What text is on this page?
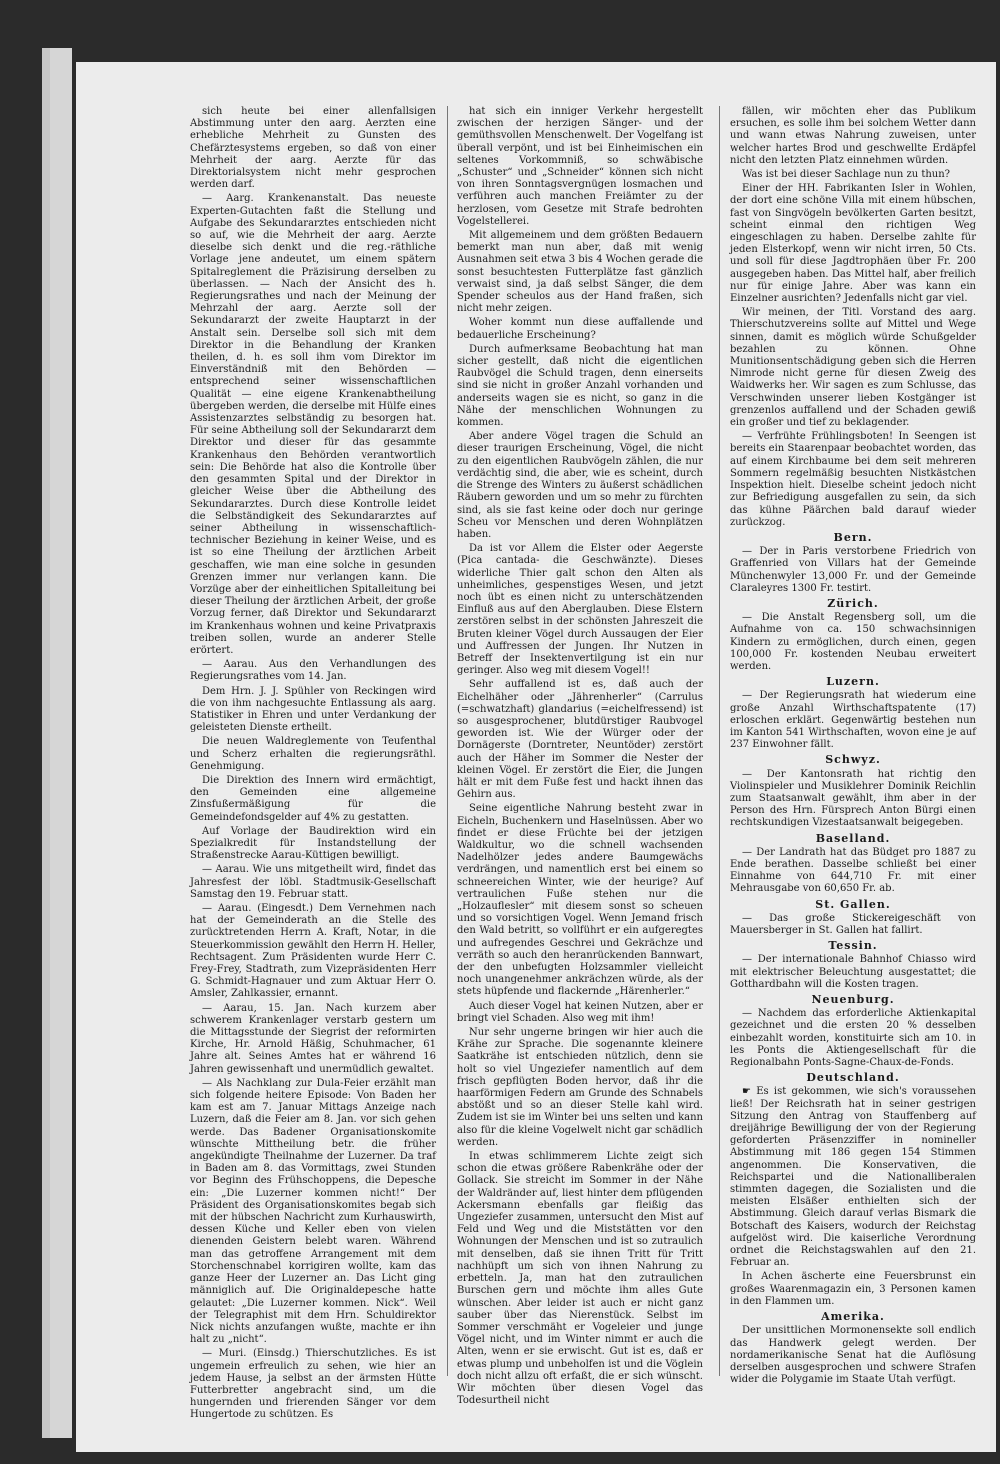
sich heute bei einer allenfallsigen Abstimmung unter den aarg. Aerzten eine erhebliche Mehrheit zu Gunsten des Chefärztesystems ergeben, so daß von einer Mehrheit der aarg. Aerzte für das Direktorialsystem nicht mehr gesprochen werden darf.

— Aarg. Krankenanstalt. Das neueste Experten-Gutachten faßt die Stellung und Aufgabe des Sekundararztes entschieden nicht so auf, wie die Mehrheit der aarg. Aerzte dieselbe sich denkt und die reg.-räthliche Vorlage jene andeutet, um einem spätern Spitalreglement die Präzisirung derselben zu überlassen. — Nach der Ansicht des h. Regierungsrathes und nach der Meinung der Mehrzahl der aarg. Aerzte soll der Sekundararzt der zweite Hauptarzt in der Anstalt sein. Derselbe soll sich mit dem Direktor in die Behandlung der Kranken theilen, d. h. es soll ihm vom Direktor im Einverständniß mit den Behörden — entsprechend seiner wissenschaftlichen Qualität — eine eigene Krankenabtheilung übergeben werden, die derselbe mit Hülfe eines Assistenzarztes selbständig zu besorgen hat. Für seine Abtheilung soll der Sekundararzt dem Direktor und dieser für das gesammte Krankenhaus den Behörden verantwortlich sein: Die Behörde hat also die Kontrolle über den gesammten Spital und der Direktor in gleicher Weise über die Abtheilung des Sekundararztes. Durch diese Kontrolle leidet die Selbständigkeit des Sekundararztes auf seiner Abtheilung in wissenschaftlich-technischer Beziehung in keiner Weise, und es ist so eine Theilung der ärztlichen Arbeit geschaffen, wie man eine solche in gesunden Grenzen immer nur verlangen kann. Die Vorzüge aber der einheitlichen Spitalleitung bei dieser Theilung der ärztlichen Arbeit, der große Vorzug ferner, daß Direktor und Sekundararzt im Krankenhaus wohnen und keine Privatpraxis treiben sollen, wurde an anderer Stelle erörtert.

— Aarau. Aus den Verhandlungen des Regierungsrathes vom 14. Jan.

Dem Hrn. J. J. Spühler von Reckingen wird die von ihm nachgesuchte Entlassung als aarg. Statistiker in Ehren und unter Verdankung der geleisteten Dienste ertheilt.

Die neuen Waldreglemente von Teufenthal und Scherz erhalten die regierungsräthl. Genehmigung.

Die Direktion des Innern wird ermächtigt, den Gemeinden eine allgemeine Zinsfußermäßigung für die Gemeindefondsgelder auf 4% zu gestatten.

Auf Vorlage der Baudirektion wird ein Spezialkredit für Instandstellung der Straßenstrecke Aarau-Küttigen bewilligt.

— Aarau. Wie uns mitgetheilt wird, findet das Jahresfest der löbl. Stadtmusik-Gesellschaft Samstag den 19. Februar statt.

— Aarau. (Eingesdt.) Dem Vernehmen nach hat der Gemeinderath an die Stelle des zurücktretenden Herrn A. Kraft, Notar, in die Steuerkommission gewählt den Herrn H. Heller, Rechtsagent. Zum Präsidenten wurde Herr C. Frey-Frey, Stadtrath, zum Vizepräsidenten Herr G. Schmidt-Hagnauer und zum Aktuar Herr O. Amsler, Zahlkassier, ernannt.

— Aarau, 15. Jan. Nach kurzem aber schwerem Krankenlager verstarb gestern um die Mittagsstunde der Siegrist der reformirten Kirche, Hr. Arnold Häßig, Schuhmacher, 61 Jahre alt. Seines Amtes hat er während 16 Jahren gewissenhaft und unermüdlich gewaltet.

— Als Nachklang zur Dula-Feier erzählt man sich folgende heitere Episode: Von Baden her kam est am 7. Januar Mittags Anzeige nach Luzern, daß die Feier am 8. Jan. vor sich gehen werde. Das Badener Organisationskomite wünschte Mittheilung betr. die früher angekündigte Theilnahme der Luzerner. Da traf in Baden am 8. das Vormittags, zwei Stunden vor Beginn des Frühschoppens, die Depesche ein: „Die Luzerner kommen nicht!“ Der Präsident des Organisationskomites begab sich mit der hübschen Nachricht zum Kurhauswirth, dessen Küche und Keller eben von vielen dienenden Geistern belebt waren. Während man das getroffene Arrangement mit dem Storchenschnabel korrigiren wollte, kam das ganze Heer der Luzerner an. Das Licht ging männiglich auf. Die Originaldepesche hatte gelautet: „Die Luzerner kommen. Nick“. Weil der Telegraphist mit dem Hrn. Schuldirektor Nick nichts anzufangen wußte, machte er ihn halt zu „nicht“.

— Muri. (Einsdg.) Thierschutzliches. Es ist ungemein erfreulich zu sehen, wie hier an jedem Hause, ja selbst an der ärmsten Hütte Futterbretter angebracht sind, um die hungernden und frierenden Sänger vor dem Hungertode zu schützen. Es

hat sich ein inniger Verkehr hergestellt zwischen der herzigen Sänger- und der gemüthsvollen Menschenwelt. Der Vogelfang ist überall verpönt, und ist bei Einheimischen ein seltenes Vorkommniß, so schwäbische „Schuster“ und „Schneider“ können sich nicht von ihren Sonntagsvergnügen losmachen und verführen auch manchen Freiämter zu der herzlosen, vom Gesetze mit Strafe bedrohten Vogelstellerei.

Mit allgemeinem und dem größten Bedauern bemerkt man nun aber, daß mit wenig Ausnahmen seit etwa 3 bis 4 Wochen gerade die sonst besuchtesten Futterplätze fast gänzlich verwaist sind, ja daß selbst Sänger, die dem Spender scheulos aus der Hand fraßen, sich nicht mehr zeigen.

Woher kommt nun diese auffallende und bedauerliche Erscheinung?

Durch aufmerksame Beobachtung hat man sicher gestellt, daß nicht die eigentlichen Raubvögel die Schuld tragen, denn einerseits sind sie nicht in großer Anzahl vorhanden und anderseits wagen sie es nicht, so ganz in die Nähe der menschlichen Wohnungen zu kommen.

Aber andere Vögel tragen die Schuld an dieser traurigen Erscheinung, Vögel, die nicht zu den eigentlichen Raubvögeln zählen, die nur verdächtig sind, die aber, wie es scheint, durch die Strenge des Winters zu äußerst schädlichen Räubern geworden und um so mehr zu fürchten sind, als sie fast keine oder doch nur geringe Scheu vor Menschen und deren Wohnplätzen haben.

Da ist vor Allem die Elster oder Aegerste (Pica cantada- die Geschwänzte). Dieses widerliche Thier galt schon den Alten als unheimliches, gespenstiges Wesen, und jetzt noch übt es einen nicht zu unterschätzenden Einfluß aus auf den Aberglauben. Diese Elstern zerstören selbst in der schönsten Jahreszeit die Bruten kleiner Vögel durch Aussaugen der Eier und Auffressen der Jungen. Ihr Nutzen in Betreff der Insektenvertilgung ist ein nur geringer. Also weg mit diesem Vogel!!

Sehr auffallend ist es, daß auch der Eichelhäher oder „Jährenherler“ (Carrulus (=schwatzhaft) glandarius (=eichelfressend) ist so ausgesprochener, blutdürstiger Raubvogel geworden ist. Wie der Würger oder der Dornägerste (Dorntreter, Neuntöder) zerstört auch der Häher im Sommer die Nester der kleinen Vögel. Er zerstört die Eier, die Jungen hält er mit dem Fuße fest und hackt ihnen das Gehirn aus.

Seine eigentliche Nahrung besteht zwar in Eicheln, Buchenkern und Haselnüssen. Aber wo findet er diese Früchte bei der jetzigen Waldkultur, wo die schnell wachsenden Nadelhölzer jedes andere Baumgewächs verdrängen, und namentlich erst bei einem so schneereichen Winter, wie der heurige? Auf vertraulichen Fuße stehen nur die „Holzauflesler“ mit diesem sonst so scheuen und so vorsichtigen Vogel. Wenn Jemand frisch den Wald betritt, so vollführt er ein aufgeregtes und aufregendes Geschrei und Gekrächze und verräth so auch den heranrückenden Bannwart, der den unbefugten Holzsammler vielleicht noch unangenehmer ankrächzen würde, als der stets hüpfende und flackernde „Härenherler.“

Auch dieser Vogel hat keinen Nutzen, aber er bringt viel Schaden. Also weg mit ihm!

Nur sehr ungerne bringen wir hier auch die Krähe zur Sprache. Die sogenannte kleinere Saatkrähe ist entschieden nützlich, denn sie holt so viel Ungeziefer namentlich auf dem frisch gepflügten Boden hervor, daß ihr die haarförmigen Federn am Grunde des Schnabels abstößt und so an dieser Stelle kahl wird. Zudem ist sie im Winter bei uns selten und kann also für die kleine Vogelwelt nicht gar schädlich werden.

In etwas schlimmerem Lichte zeigt sich schon die etwas größere Rabenkrähe oder der Gollack. Sie streicht im Sommer in der Nähe der Waldränder auf, liest hinter dem pflügenden Ackersmann ebenfalls gar fleißig das Ungeziefer zusammen, untersucht den Mist auf Feld und Weg und die Miststätten vor den Wohnungen der Menschen und ist so zutraulich mit denselben, daß sie ihnen Tritt für Tritt nachhüpft um sich von ihnen Nahrung zu erbetteln. Ja, man hat den zutraulichen Burschen gern und möchte ihm alles Gute wünschen. Aber leider ist auch er nicht ganz sauber über das Nierenstück. Selbst im Sommer verschmäht er Vogeleier und junge Vögel nicht, und im Winter nimmt er auch die Alten, wenn er sie erwischt. Gut ist es, daß er etwas plump und unbeholfen ist und die Vöglein doch nicht allzu oft erfaßt, die er sich wünscht. Wir möchten über diesen Vogel das Todesurtheil nicht

fällen, wir möchten eher das Publikum ersuchen, es solle ihm bei solchem Wetter dann und wann etwas Nahrung zuweisen, unter welcher hartes Brod und geschwellte Erdäpfel nicht den letzten Platz einnehmen würden.

Was ist bei dieser Sachlage nun zu thun?

Einer der HH. Fabrikanten Isler in Wohlen, der dort eine schöne Villa mit einem hübschen, fast von Singvögeln bevölkerten Garten besitzt, scheint einmal den richtigen Weg eingeschlagen zu haben. Derselbe zahlte für jeden Elsterkopf, wenn wir nicht irren, 50 Cts. und soll für diese Jagdtrophäen über Fr. 200 ausgegeben haben. Das Mittel half, aber freilich nur für einige Jahre. Aber was kann ein Einzelner ausrichten? Jedenfalls nicht gar viel.

Wir meinen, der Titl. Vorstand des aarg. Thierschutzvereins sollte auf Mittel und Wege sinnen, damit es möglich würde Schußgelder bezahlen zu können. Ohne Munitionsentschädigung geben sich die Herren Nimrode nicht gerne für diesen Zweig des Waidwerks her. Wir sagen es zum Schlusse, das Verschwinden unserer lieben Kostgänger ist grenzenlos auffallend und der Schaden gewiß ein großer und tief zu beklagender.

— Verfrühte Frühlingsboten! In Seengen ist bereits ein Staarenpaar beobachtet worden, das auf einem Kirchbaume bei dem seit mehreren Sommern regelmäßig besuchten Nistkästchen Inspektion hielt. Dieselbe scheint jedoch nicht zur Befriedigung ausgefallen zu sein, da sich das kühne Päärchen bald darauf wieder zurückzog.

Bern.

— Der in Paris verstorbene Friedrich von Graffenried von Villars hat der Gemeinde Münchenwyler 13,000 Fr. und der Gemeinde Claraleyres 1300 Fr. testirt.

Zürich.

— Die Anstalt Regensberg soll, um die Aufnahme von ca. 150 schwachsinnigen Kindern zu ermöglichen, durch einen, gegen 100,000 Fr. kostenden Neubau erweitert werden.

Luzern.

— Der Regierungsrath hat wiederum eine große Anzahl Wirthschaftspatente (17) erloschen erklärt. Gegenwärtig bestehen nun im Kanton 541 Wirthschaften, wovon eine je auf 237 Einwohner fällt.

Schwyz.

— Der Kantonsrath hat richtig den Violinspieler und Musiklehrer Dominik Reichlin zum Staatsanwalt gewählt, ihm aber in der Person des Hrn. Fürsprech Anton Bürgi einen rechtskundigen Vizestaatsanwalt beigegeben.

Baselland.

— Der Landrath hat das Büdget pro 1887 zu Ende berathen. Dasselbe schließt bei einer Einnahme von 644,710 Fr. mit einer Mehrausgabe von 60,650 Fr. ab.

St. Gallen.

— Das große Stickereigeschäft von Mauersberger in St. Gallen hat fallirt.

Tessin.

— Der internationale Bahnhof Chiasso wird mit elektrischer Beleuchtung ausgestattet; die Gotthardbahn will die Kosten tragen.

Neuenburg.

— Nachdem das erforderliche Aktienkapital gezeichnet und die ersten 20 % desselben einbezahlt worden, konstituirte sich am 10. in les Ponts die Aktiengesellschaft für die Regionalbahn Ponts-Sagne-Chaux-de-Fonds.

Deutschland.

☛ Es ist gekommen, wie sich's voraussehen ließ! Der Reichsrath hat in seiner gestrigen Sitzung den Antrag von Stauffenberg auf dreijährige Bewilligung der von der Regierung geforderten Präsenzziffer in nomineller Abstimmung mit 186 gegen 154 Stimmen angenommen. Die Konservativen, die Reichspartei und die Nationalliberalen stimmten dagegen, die Sozialisten und die meisten Elsäßer enthielten sich der Abstimmung. Gleich darauf verlas Bismark die Botschaft des Kaisers, wodurch der Reichstag aufgelöst wird. Die kaiserliche Verordnung ordnet die Reichstagswahlen auf den 21. Februar an.

In Achen äscherte eine Feuersbrunst ein großes Waarenmagazin ein, 3 Personen kamen in den Flammen um.

Amerika.

Der unsittlichen Mormonensekte soll endlich das Handwerk gelegt werden. Der nordamerikanische Senat hat die Auflösung derselben ausgesprochen und schwere Strafen wider die Polygamie im Staate Utah verfügt.
